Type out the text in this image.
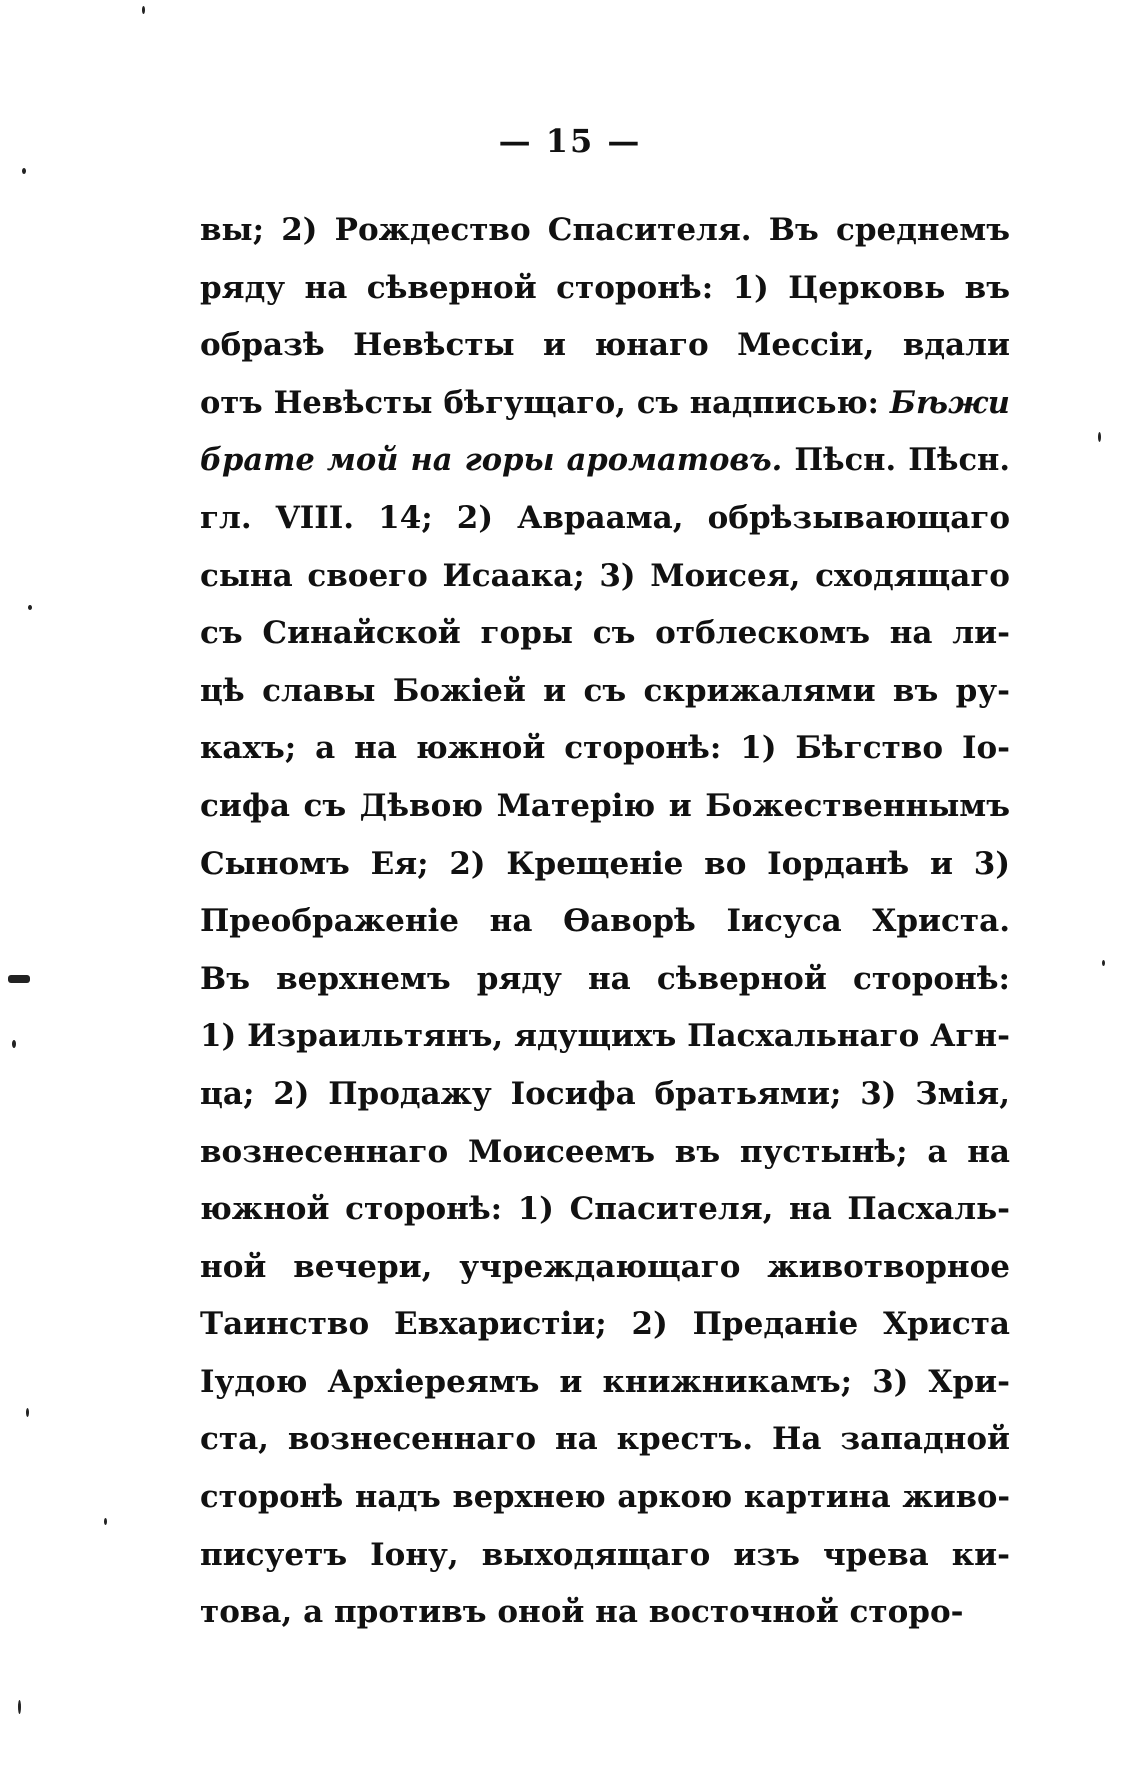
— 15 —
вы; 2) Рождество Спасителя. Въ среднемъ
ряду на сѣверной сторонѣ: 1) Церковь въ
образѣ Невѣсты и юнаго Мессіи, вдали
отъ Невѣсты бѣгущаго, съ надписью: Бѣжи
брате мой на горы ароматовъ. Пѣсн. Пѣсн.
гл. VIII. 14; 2) Авраама, обрѣзывающаго
сына своего Исаака; 3) Моисея, сходящаго
съ Синайской горы съ отблескомъ на ли-
цѣ славы Божіей и съ скрижалями въ ру-
кахъ; а на южной сторонѣ: 1) Бѣгство Іо-
сифа съ Дѣвою Матерію и Божественнымъ
Сыномъ Ея; 2) Крещеніе во Іорданѣ и 3)
Преображеніе на Ѳаворѣ Іисуса Христа.
Въ верхнемъ ряду на сѣверной сторонѣ:
1) Израильтянъ, ядущихъ Пасхальнаго Агн-
ца; 2) Продажу Іосифа братьями; 3) Змія,
вознесеннаго Моисеемъ въ пустынѣ; а на
южной сторонѣ: 1) Спасителя, на Пасхаль-
ной вечери, учреждающаго животворное
Таинство Евхаристіи; 2) Преданіе Христа
Іудою Архіереямъ и книжникамъ; 3) Хри-
ста, вознесеннаго на крестъ. На западной
сторонѣ надъ верхнею аркою картина живо-
писуетъ Іону, выходящаго изъ чрева ки-
това, а противъ оной на восточной сторо-
